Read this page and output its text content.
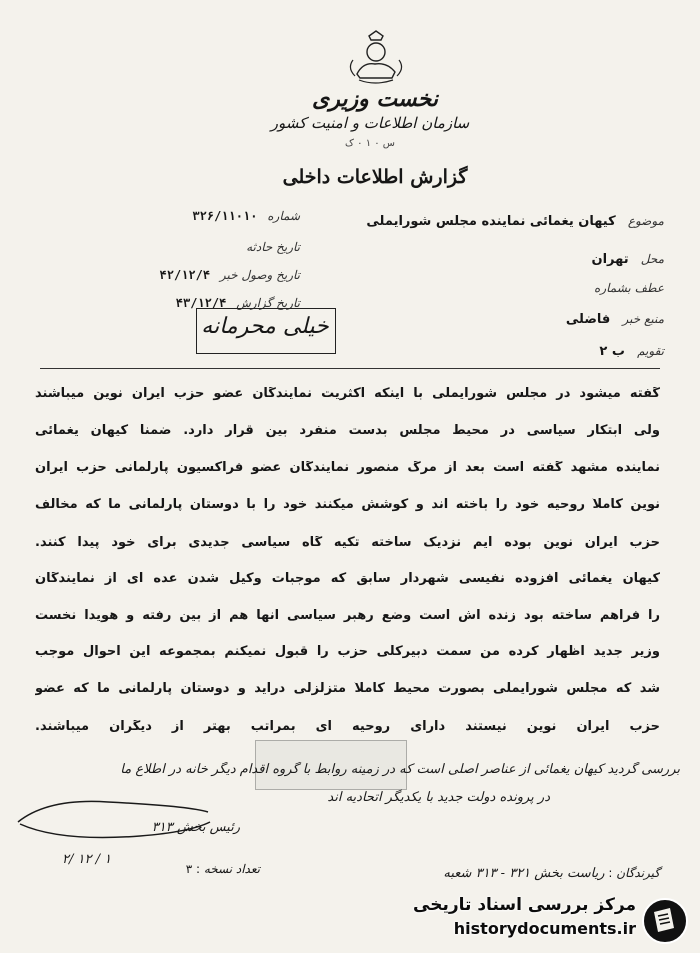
نخست وزیری
سازمان اطلاعات و امنیت کشور
س ۰ ۱ ۰ ک
گزارش اطلاعات داخلی
شماره ۳۲۶/۱۱۰۱۰
تاریخ حادثه
تاریخ وصول خبر ۴۲/۱۲/۴
تاریخ گزارش ۴۳/۱۲/۴
خیلی محرمانه
موضوع کیهان یغمائی نماینده مجلس شورایملی
محل تهران
عطف بشماره
منبع خبر فاضلی
تقویم ب ۲
گفته میشود در مجلس شورایملی با اینکه اکثریت نمایندگان عضو حزب ایران نوین میباشند
ولی ابتکار سیاسی در محیط مجلس بدست منفرد بین قرار دارد. ضمناً کیهان یغمائی
نماینده مشهد گفته است بعد از مرگ منصور نمایندگان عضو فراکسیون پارلمانی حزب ایران
نوین کاملاً روحیه خود را باخته اند و کوشش میکنند خود را با دوستان پارلمانی ما که مخالف
حزب ایران نوین بوده ایم نزدیک ساخته تکیه گاه سیاسی جدیدی برای خود پیدا کنند.
کیهان یغمائی افزوده نفیسی شهردار سابق که موجبات وکیل شدن عده ای از نمایندگان
را فراهم ساخته بود زنده اش است وضع رهبر سیاسی آنها هم از بین رفته و هویدا نخست
وزیر جدید اظهار کرده من سمت دبیرکلی حزب را قبول نمیکنم بمجموعه این احوال موجب
شد که مجلس شورایملی بصورت محیط کاملاً متزلزلی درآید و دوستان پارلمانی ما که عضو
حزب ایران نوین نیستند دارای روحیه ای بمراتب بهتر از دیگران میباشند.
بررسی گردید کیهان یغمائی از عناصر اصلی است که در زمینه روابط با گروه اقدام دیگر خانه در اطلاع ما
در پرونده دولت جدید با یکدیگر اتحادیه اند
رئیس بخش ۳۱۳
۲/ ۱۲ / ۱
تعداد نسخه : ۳	گیرندگان : ریاست بخش ۳۲۱ - ۳۱۳ شعبه
مرکز بررسی اسناد تاریخی
historydocuments.ir
